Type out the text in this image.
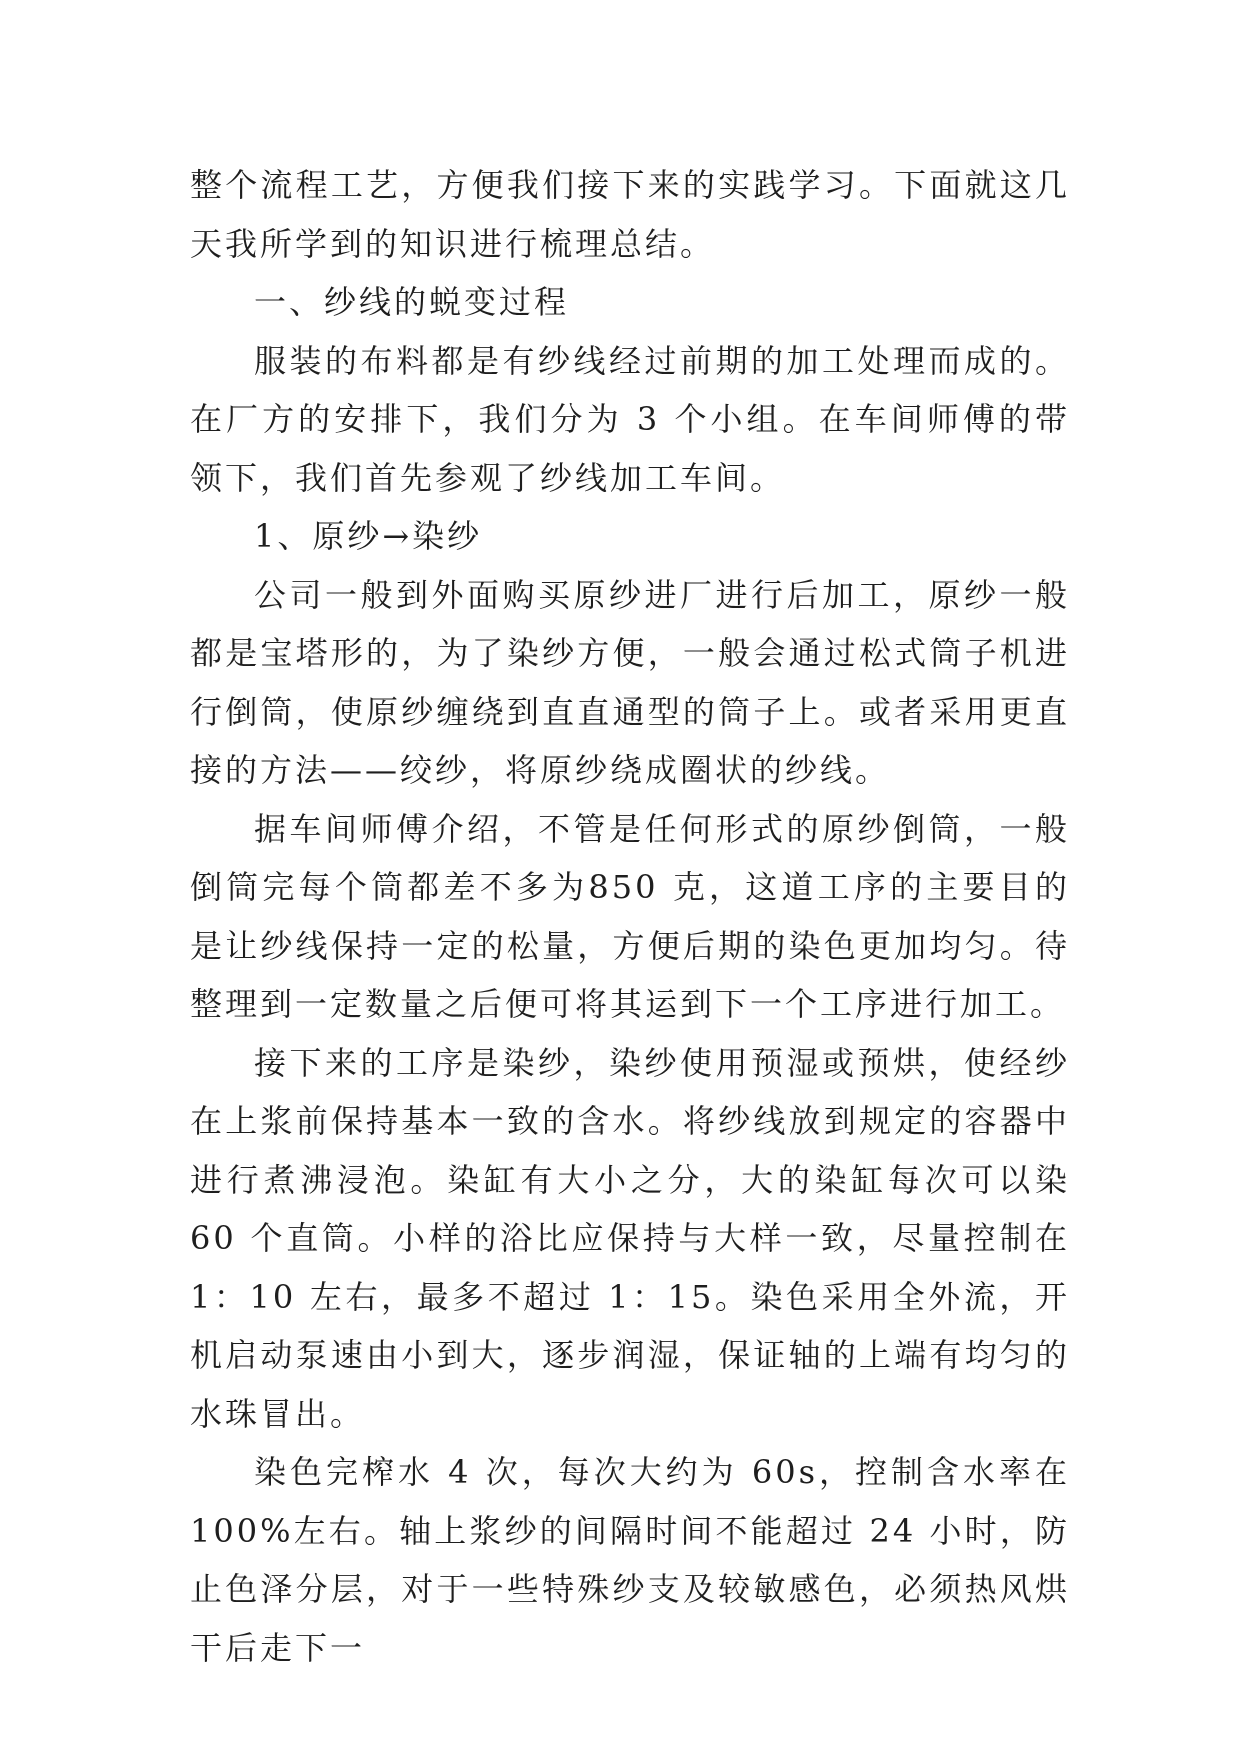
整个流程工艺，方便我们接下来的实践学习。下面就这几天我所学到的知识进行梳理总结。

一、纱线的蜕变过程

服装的布料都是有纱线经过前期的加工处理而成的。在厂方的安排下，我们分为 3 个小组。在车间师傅的带领下，我们首先参观了纱线加工车间。

1、原纱→染纱

公司一般到外面购买原纱进厂进行后加工，原纱一般都是宝塔形的，为了染纱方便，一般会通过松式筒子机进行倒筒，使原纱缠绕到直直通型的筒子上。或者采用更直接的方法——绞纱，将原纱绕成圈状的纱线。

据车间师傅介绍，不管是任何形式的原纱倒筒，一般倒筒完每个筒都差不多为850 克，这道工序的主要目的是让纱线保持一定的松量，方便后期的染色更加均匀。待整理到一定数量之后便可将其运到下一个工序进行加工。

接下来的工序是染纱，染纱使用预湿或预烘，使经纱在上浆前保持基本一致的含水。将纱线放到规定的容器中进行煮沸浸泡。染缸有大小之分，大的染缸每次可以染 60 个直筒。小样的浴比应保持与大样一致，尽量控制在 1：10 左右，最多不超过 1：15。染色采用全外流，开机启动泵速由小到大，逐步润湿，保证轴的上端有均匀的水珠冒出。

染色完榨水 4 次，每次大约为 60s，控制含水率在 100%左右。轴上浆纱的间隔时间不能超过 24 小时，防止色泽分层，对于一些特殊纱支及较敏感色，必须热风烘干后走下一
